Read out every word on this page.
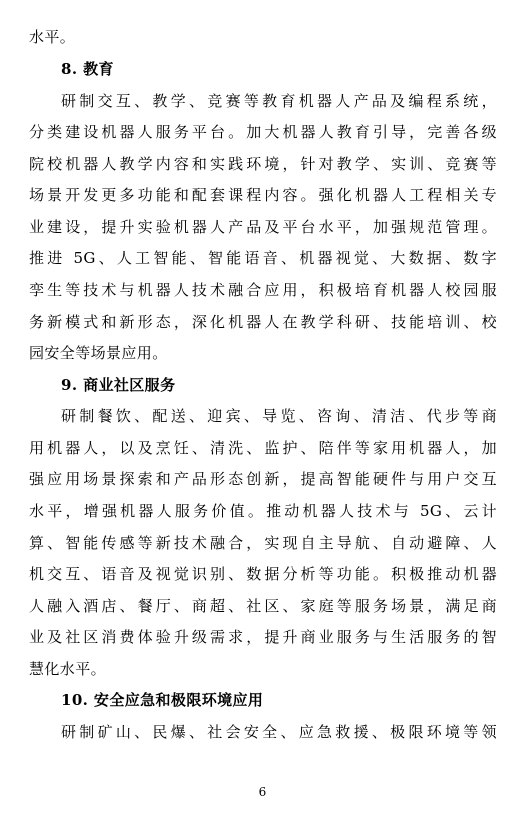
水平。
8. 教育
研制交互、教学、竞赛等教育机器人产品及编程系统，
分类建设机器人服务平台。加大机器人教育引导，完善各级
院校机器人教学内容和实践环境，针对教学、实训、竞赛等
场景开发更多功能和配套课程内容。强化机器人工程相关专
业建设，提升实验机器人产品及平台水平，加强规范管理。
推进 5G、人工智能、智能语音、机器视觉、大数据、数字
孪生等技术与机器人技术融合应用，积极培育机器人校园服
务新模式和新形态，深化机器人在教学科研、技能培训、校
园安全等场景应用。
9. 商业社区服务
研制餐饮、配送、迎宾、导览、咨询、清洁、代步等商
用机器人，以及烹饪、清洗、监护、陪伴等家用机器人，加
强应用场景探索和产品形态创新，提高智能硬件与用户交互
水平，增强机器人服务价值。推动机器人技术与 5G、云计
算、智能传感等新技术融合，实现自主导航、自动避障、人
机交互、语音及视觉识别、数据分析等功能。积极推动机器
人融入酒店、餐厅、商超、社区、家庭等服务场景，满足商
业及社区消费体验升级需求，提升商业服务与生活服务的智
慧化水平。
10. 安全应急和极限环境应用
研制矿山、民爆、社会安全、应急救援、极限环境等领
6
